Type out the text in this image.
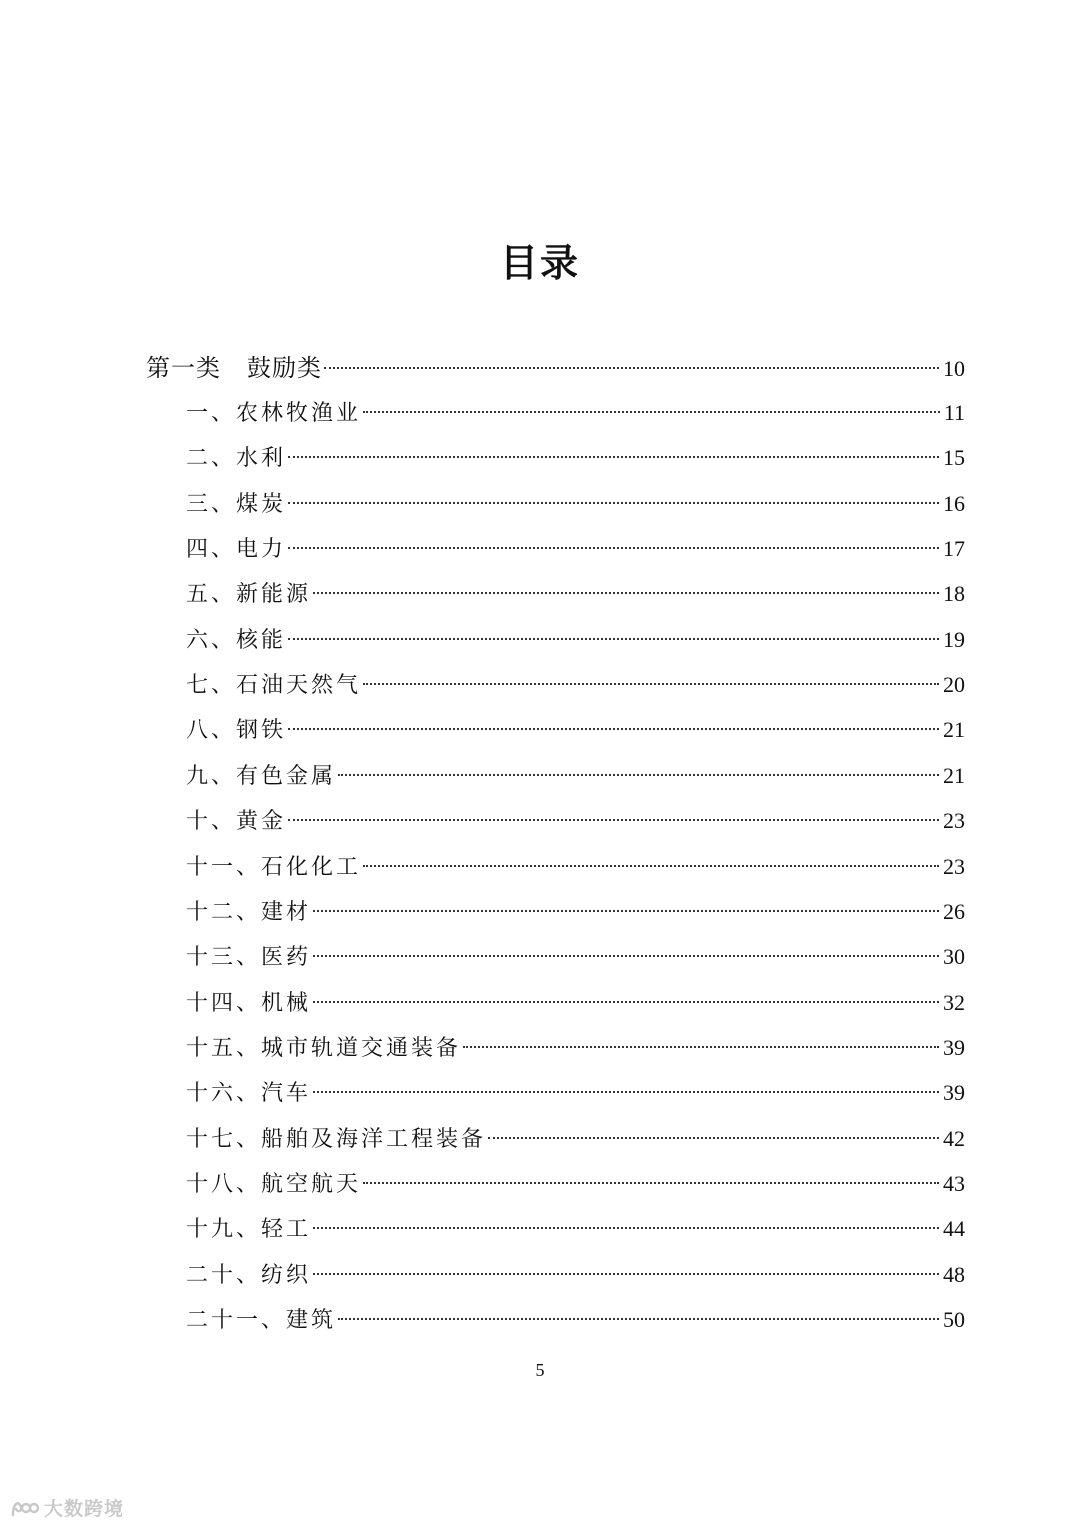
目录
第一类 鼓励类	10
一、农林牧渔业	11
二、水利	15
三、煤炭	16
四、电力	17
五、新能源	18
六、核能	19
七、石油天然气	20
八、钢铁	21
九、有色金属	21
十、黄金	23
十一、石化化工	23
十二、建材	26
十三、医药	30
十四、机械	32
十五、城市轨道交通装备	39
十六、汽车	39
十七、船舶及海洋工程装备	42
十八、航空航天	43
十九、轻工	44
二十、纺织	48
二十一、建筑	50
5
大数跨境
